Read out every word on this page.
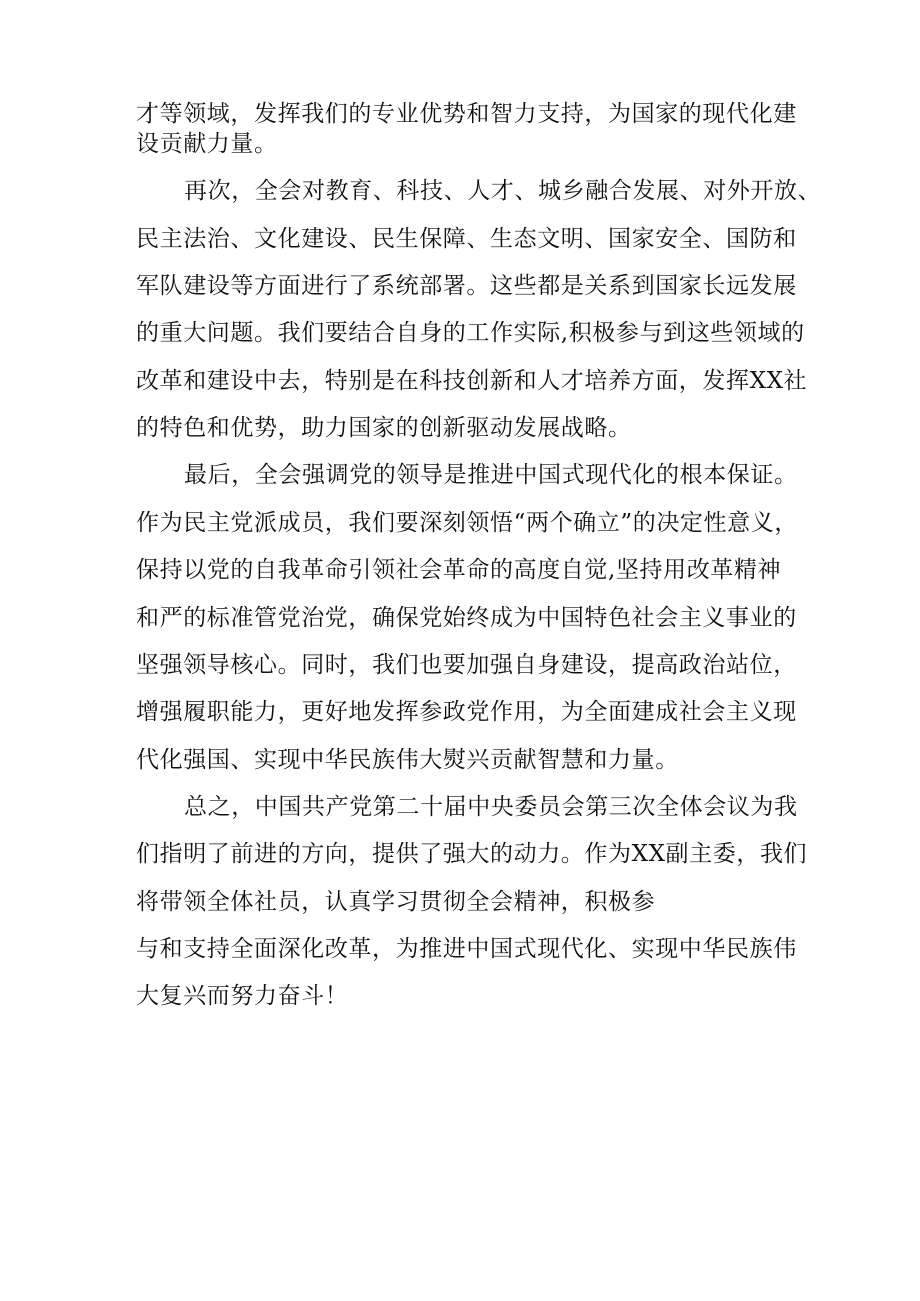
才等领域，发挥我们的专业优势和智力支持，为国家的现代化建
设贡献力量。
再次，全会对教育、科技、人才、城乡融合发展、对外开放、
民主法治、文化建设、民生保障、生态文明、国家安全、国防和
军队建设等方面进行了系统部署。这些都是关系到国家长远发展
的重大问题。我们要结合自身的工作实际,积极参与到这些领域的
改革和建设中去，特别是在科技创新和人才培养方面，发挥XX社
的特色和优势，助力国家的创新驱动发展战略。
最后，全会强调党的领导是推进中国式现代化的根本保证。
作为民主党派成员，我们要深刻领悟“两个确立”的决定性意义，
保持以党的自我革命引领社会革命的高度自觉,坚持用改革精神
和严的标准管党治党，确保党始终成为中国特色社会主义事业的
坚强领导核心。同时，我们也要加强自身建设，提高政治站位，
增强履职能力，更好地发挥参政党作用，为全面建成社会主义现
代化强国、实现中华民族伟大熨兴贡献智慧和力量。
总之，中国共产党第二十届中央委员会第三次全体会议为我
们指明了前进的方向，提供了强大的动力。作为XX副主委，我们
将带领全体社员，认真学习贯彻全会精神，积极参
与和支持全面深化改革，为推进中国式现代化、实现中华民族伟
大复兴而努力奋斗！
